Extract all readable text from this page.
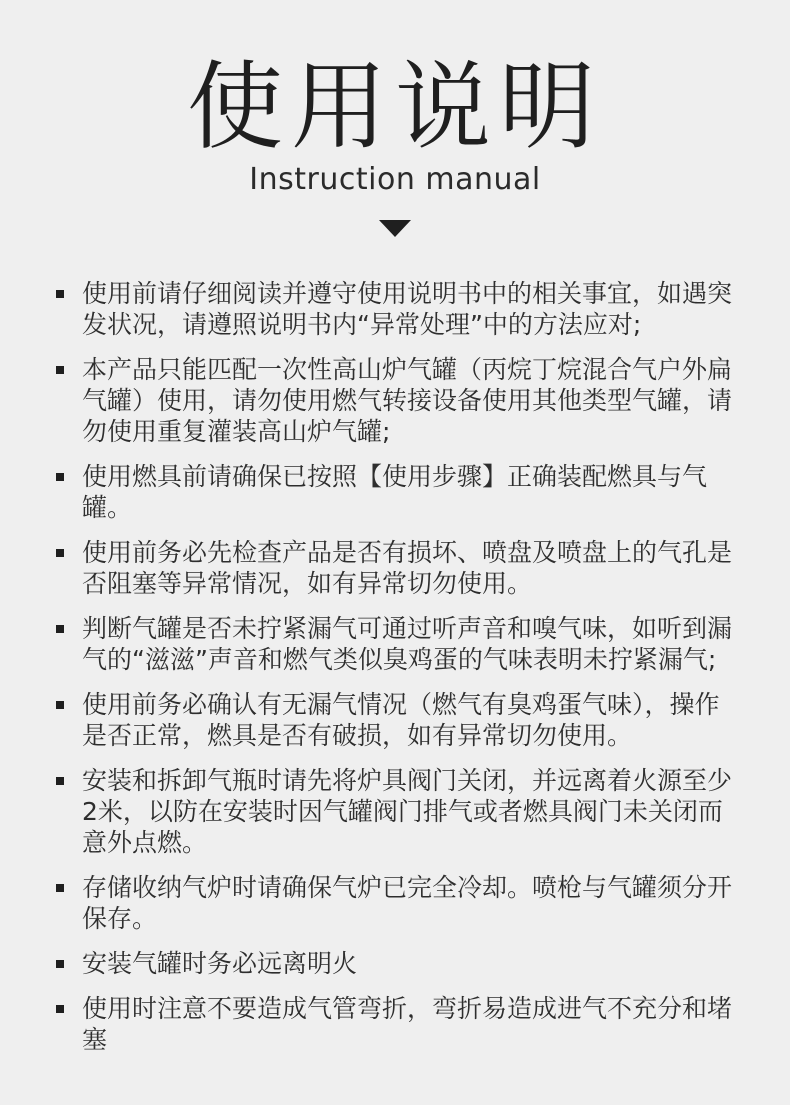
使用说明
Instruction manual
使用前请仔细阅读并遵守使用说明书中的相关事宜，如遇突发状况，请遵照说明书内“异常处理”中的方法应对;
本产品只能匹配一次性高山炉气罐（丙烷丁烷混合气户外扁气罐）使用，请勿使用燃气转接设备使用其他类型气罐，请勿使用重复灌装高山炉气罐;
使用燃具前请确保已按照【使用步骤】正确装配燃具与气罐。
使用前务必先检查产品是否有损坏、喷盘及喷盘上的气孔是否阻塞等异常情况，如有异常切勿使用。
判断气罐是否未拧紧漏气可通过听声音和嗅气味，如听到漏气的“滋滋”声音和燃气类似臭鸡蛋的气味表明未拧紧漏气;
使用前务必确认有无漏气情况（燃气有臭鸡蛋气味），操作是否正常，燃具是否有破损，如有异常切勿使用。
安装和拆卸气瓶时请先将炉具阀门关闭，并远离着火源至少2米，以防在安装时因气罐阀门排气或者燃具阀门未关闭而意外点燃。
存储收纳气炉时请确保气炉已完全冷却。喷枪与气罐须分开保存。
安装气罐时务必远离明火
使用时注意不要造成气管弯折，弯折易造成进气不充分和堵塞
